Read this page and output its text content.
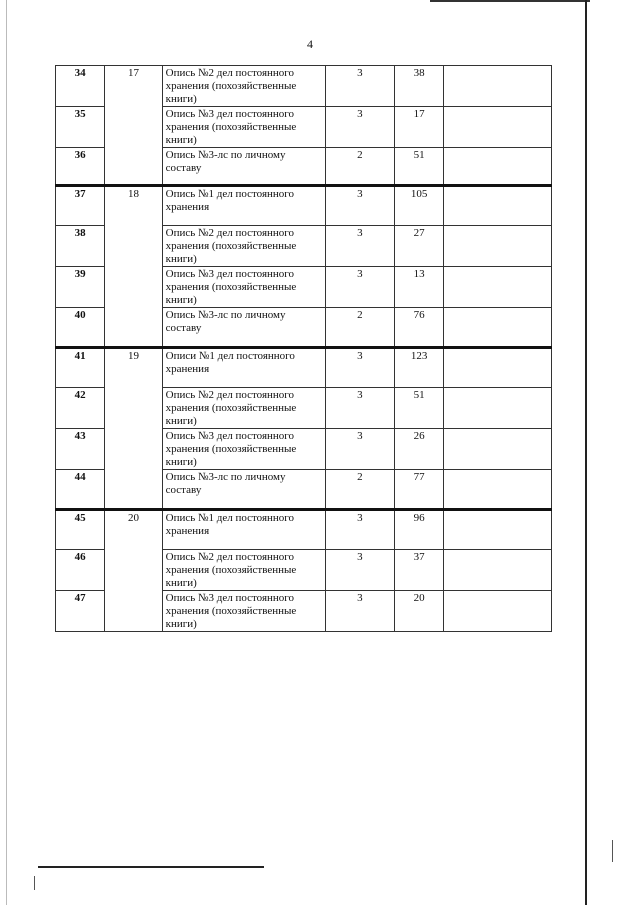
4
34	17	Опись №2 дел постоянного хранения (похозяйственные книги)	3	38	
35		Опись №3 дел постоянного хранения (похозяйственные книги)	3	17	
36		Опись №3-лс по личному составу	2	51	
37	18	Опись №1 дел постоянного хранения	3	105	
38		Опись №2 дел постоянного хранения (похозяйственные книги)	3	27	
39		Опись №3 дел постоянного хранения (похозяйственные книги)	3	13	
40		Опись №3-лс по личному составу	2	76	
41	19	Описи №1 дел постоянного хранения	3	123	
42		Опись №2 дел постоянного хранения (похозяйственные книги)	3	51	
43		Опись №3 дел постоянного хранения (похозяйственные книги)	3	26	
44		Опись №3-лс по личному составу	2	77	
45	20	Опись №1 дел постоянного хранения	3	96	
46		Опись №2 дел постоянного хранения (похозяйственные книги)	3	37	
47		Опись №3 дел постоянного хранения (похозяйственные книги)	3	20	
